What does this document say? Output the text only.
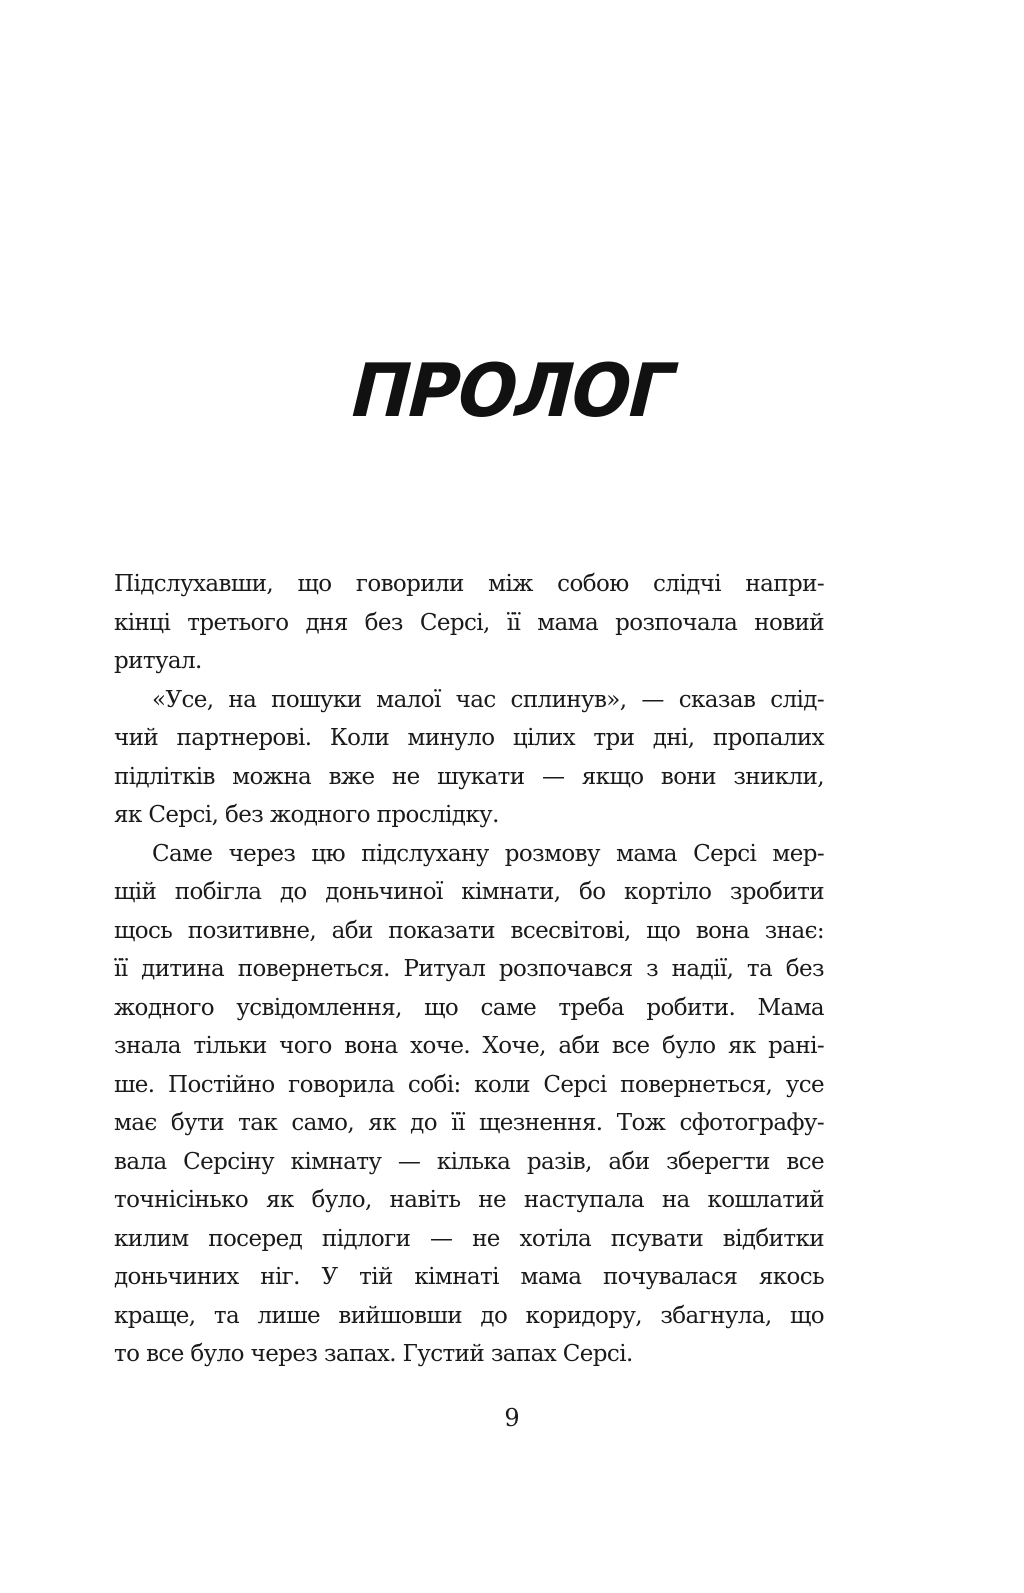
ПРОЛОГ
Підслухавши, що говорили між собою слідчі напри-
кінці третього дня без Серсі, її мама розпочала новий
ритуал.
«Усе, на пошуки малої час сплинув», — сказав слід-
чий партнерові. Коли минуло цілих три дні, пропалих
підлітків можна вже не шукати — якщо вони зникли,
як Серсі, без жодного прослідку.
Саме через цю підслухану розмову мама Серсі мер-
щій побігла до доньчиної кімнати, бо кортіло зробити
щось позитивне, аби показати всесвітові, що вона знає:
її дитина повернеться. Ритуал розпочався з надії, та без
жодного усвідомлення, що саме треба робити. Мама
знала тільки чого вона хоче. Хоче, аби все було як рані-
ше. Постійно говорила собі: коли Серсі повернеться, усе
має бути так само, як до її щезнення. Тож сфотографу-
вала Серсіну кімнату — кілька разів, аби зберегти все
точнісінько як було, навіть не наступала на кошлатий
килим посеред підлоги — не хотіла псувати відбитки
доньчиних ніг. У тій кімнаті мама почувалася якось
краще, та лише вийшовши до коридору, збагнула, що
то все було через запах. Густий запах Серсі.
9
